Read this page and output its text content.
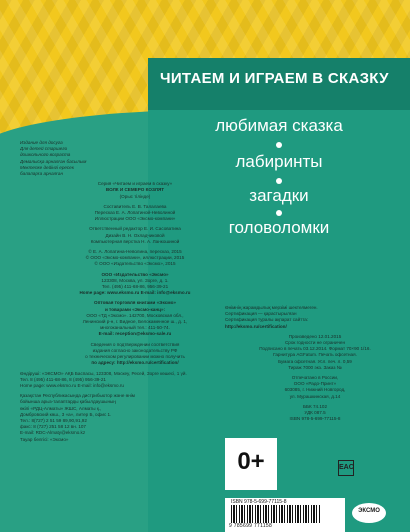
ЧИТАЕМ И ИГРАЕМ В СКАЗКУ
любимая сказка
лабиринты
загадки
головоломки
Издание для досуга
Для детей старшего
дошкольного возраста
Демалысқа арналған басылым
Мектепке дейінгі ересек
балаларға арналған
Серия «Читаем и играем в сказку»
ВОЛК И СЕМЕРО КОЗЛЯТ
(Орыс тілінде)
Составитель Е. В. Талалаева
Пересказ Е. А. Лопатиной-Неволиной
Иллюстрации ООО «Эксмо-компани»
Ответственный редактор Е. И. Сасоватина
Дизайн В. Н. Охладчиковой
Компьютерная верстка Н. А. Ланкошиной
© Е. А. Лопатина-Неволина, пересказ, 2015
© ООО «Эксмо-компани», иллюстрации, 2015
© ООО «Издательство «Эксмо», 2015
ООО «Издательство «Эксмо»
123308, Москва, ул. Зорге, д. 1.
Тел. (495) 411-68-86, 956-39-21
Home page: www.eksmo.ru E-mail: info@eksmo.ru
Оптовая торговля книгами «Эксмо»
и товарами «Эксмо-канц»:
ООО «ТД «Эксмо». 142700, Московская обл.,
Ленинский р-н, г. Видное, Белокаменное ш., д. 1,
многоканальный тел.: 411-50-74.
E-mail: reception@eksmo-sale.ru
Сведения о подтверждении соответствия
издания согласно законодательству РФ
о техническом регулировании можно получить
по адресу: http://eksmo.ru/certification/
Өндіруші: «ЭКСМО» АҚБ Баспасы, 123308, Мәскеу, Ресей, Зорге көшесі, 1 үй.
Тел. 8 (495) 411-68-86, 8 (495) 956-39-21
Home page: www.eksmo.ru E-mail: info@eksmo.ru
Қазақстан Республикасында дистрибьютор және өнім
бойынша арыз-талаптарды қабылдаушының
өкілі «РДЦ-Алматы» ЖШС, Алматы қ.,
Домбровский көш., 3 «а», литер Б, офис 1.
Тел.: 8(727) 2 51 59 89,90,91,92
факс: 8 (727) 251 58 12 вн. 107
E-mail: RDC-Almaty@eksmo.kz
Тауар белгісі: «Эксмо»
Өнімнің жарамдылық мерзімі шектелмеген.
Сертификация — қарастырылған
Сертификация туралы ақпарат сайтта:
http://eksmo.ru/certification/
Произведено 12.01.2015
Срок годности не ограничен
Подписано в печать 03.12.2014. Формат 70×90 1/16.
Гарнитура AGFatum. Печать офсетная.
Бумага офсетная. Усл. печ. л. 0,59
Тираж 7000 экз. Заказ №
Отпечатано в России,
ООО «Радо-Принт»
603085, г. Нижний Новгород,
ул. Мурашкинская, д.14
ББК 74.102
УДК 087.5
ISBN 978-5-699-77115-8
0+	EAC
ISBN 978-5-699-77115-8
9 785699 771158
ЭКСМО
